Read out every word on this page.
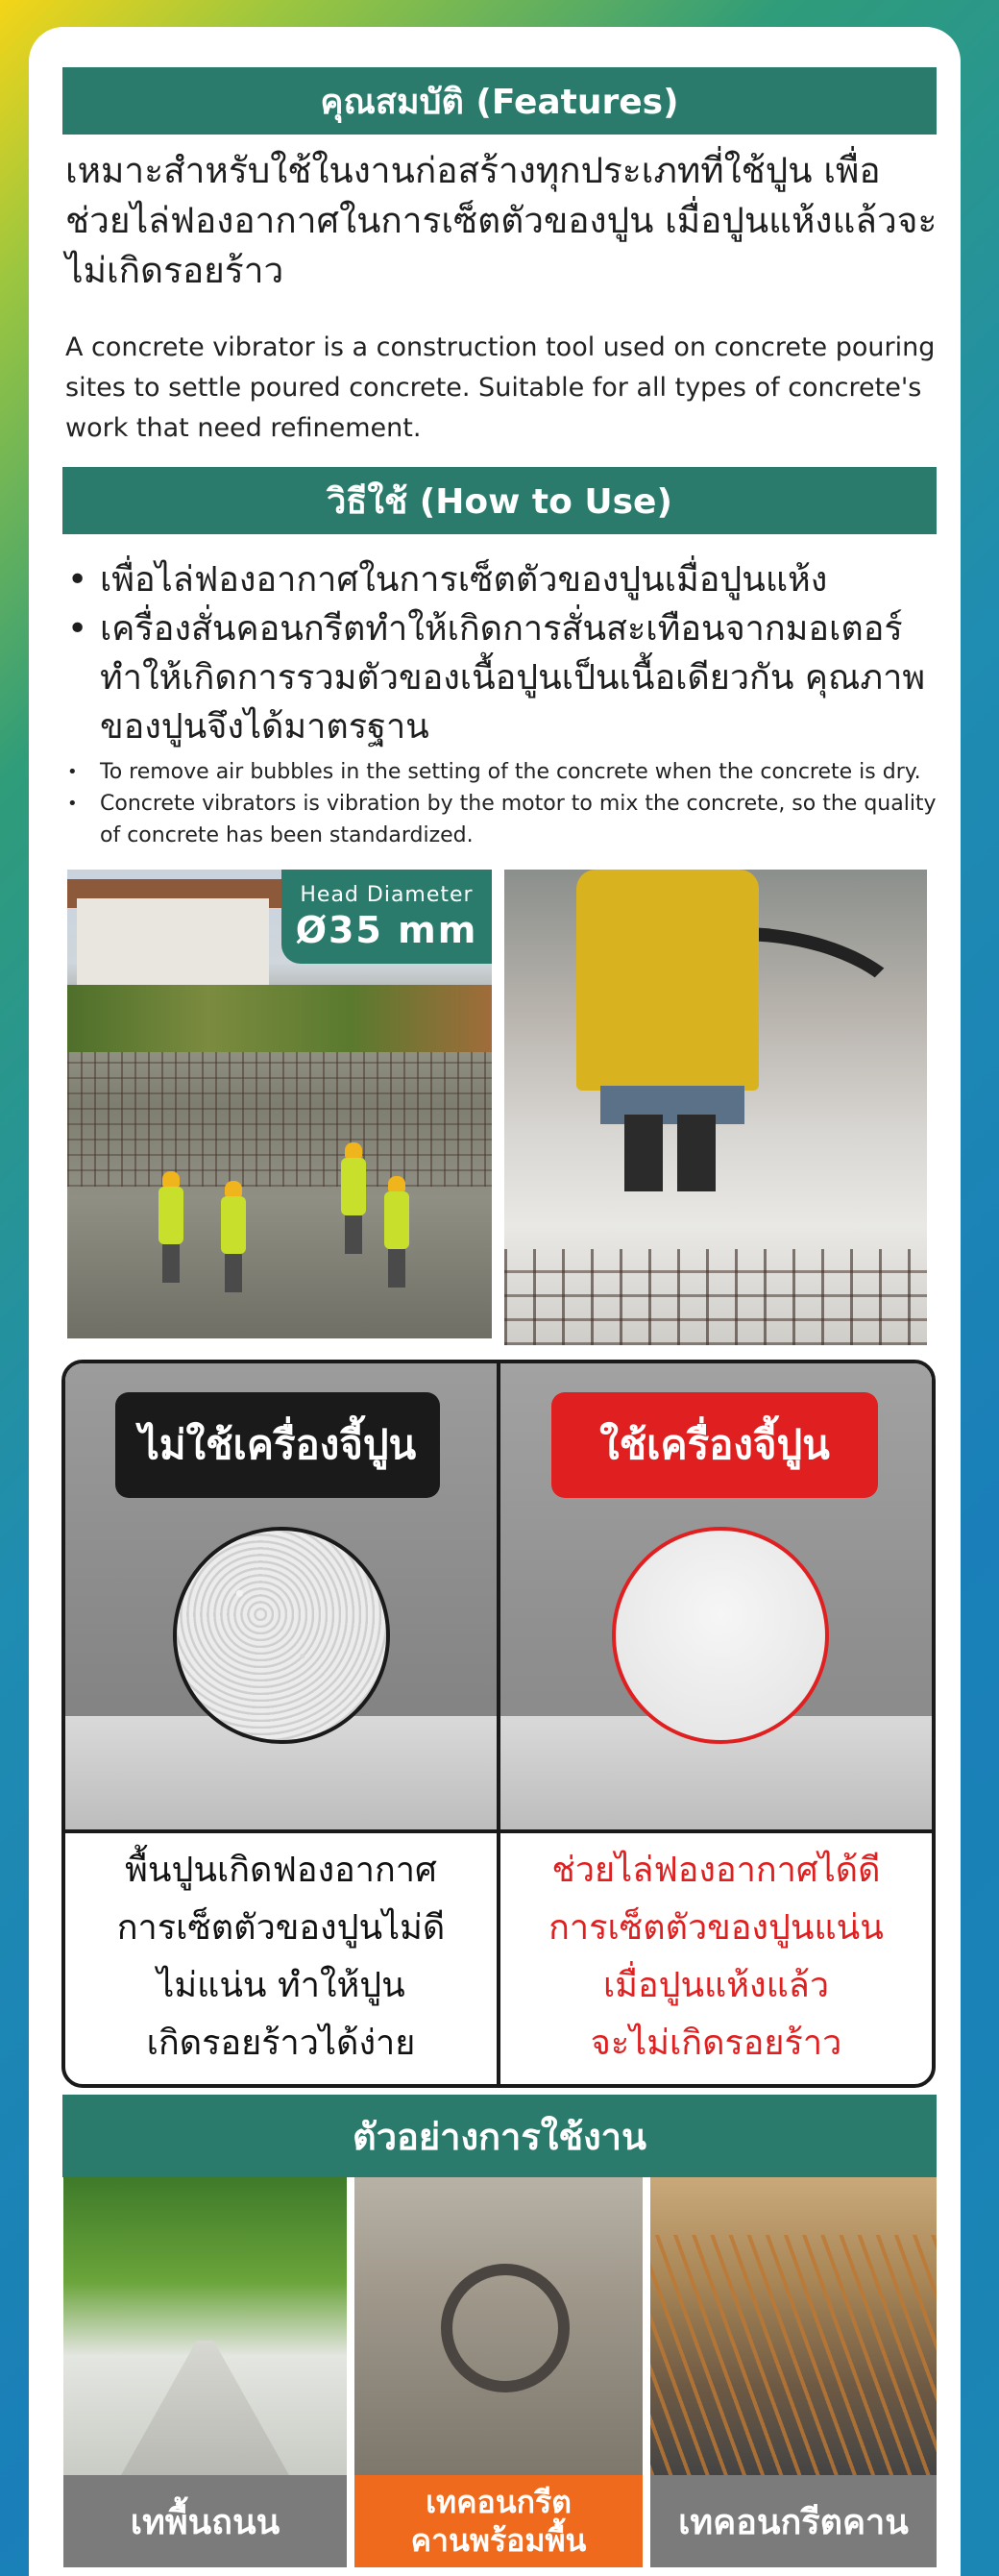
คุณสมบัติ (Features)
เหมาะสำหรับใช้ในงานก่อสร้างทุกประเภทที่ใช้ปูน เพื่อช่วยไล่ฟองอากาศในการเซ็ตตัวของปูน เมื่อปูนแห้งแล้วจะไม่เกิดรอยร้าว
A concrete vibrator is a construction tool used on concrete pouring sites to settle poured concrete. Suitable for all types of concrete's work that need refinement.
วิธีใช้ (How to Use)
• เพื่อไล่ฟองอากาศในการเซ็ตตัวของปูนเมื่อปูนแห้ง
• เครื่องสั่นคอนกรีตทำให้เกิดการสั่นสะเทือนจากมอเตอร์ ทำให้เกิดการรวมตัวของเนื้อปูนเป็นเนื้อเดียวกัน คุณภาพของปูนจึงได้มาตรฐาน
• To remove air bubbles in the setting of the concrete when the concrete is dry.
• Concrete vibrators is vibration by the motor to mix the concrete, so the quality of concrete has been standardized.
Head Diameter
Ø35 mm
ไม่ใช้เครื่องจี้ปูน	ใช้เครื่องจี้ปูน
พื้นปูนเกิดฟองอากาศ
การเซ็ตตัวของปูนไม่ดี
ไม่แน่น ทำให้ปูน
เกิดรอยร้าวได้ง่าย
ช่วยไล่ฟองอากาศได้ดี
การเซ็ตตัวของปูนแน่น
เมื่อปูนแห้งแล้ว
จะไม่เกิดรอยร้าว
ตัวอย่างการใช้งาน
เทพื้นถนน
เทคอนกรีต
คานพร้อมพื้น	เทคอนกรีตคาน
